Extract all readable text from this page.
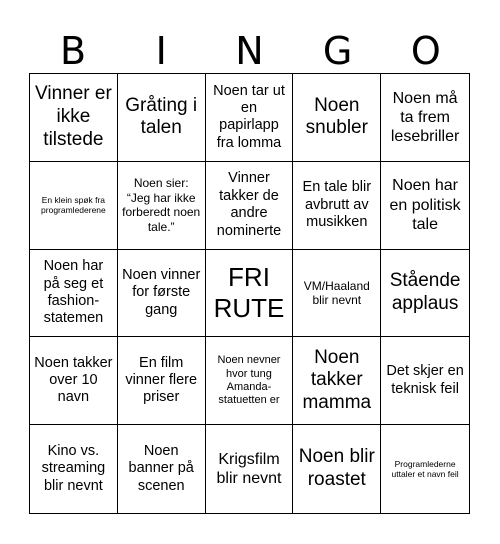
B	I	N	G	O
Vinner er ikke tilstede
Gråting i talen
Noen tar ut en papirlapp fra lomma
Noen snubler
Noen må ta frem lesebriller
En klein spøk fra programlederene
Noen sier: “Jeg har ikke forberedt noen tale.”
Vinner takker de andre nominerte
En tale blir avbrutt av musikken
Noen har en politisk tale
Noen har på seg et fashion-statemen
Noen vinner for første gang
FRI RUTE
VM/Haaland blir nevnt
Stående applaus
Noen takker over 10 navn
En film vinner flere priser
Noen nevner hvor tung Amanda-statuetten er
Noen takker mamma
Det skjer en teknisk feil
Kino vs. streaming blir nevnt
Noen banner på scenen
Krigsfilm blir nevnt
Noen blir roastet
Programlederne uttaler et navn feil
